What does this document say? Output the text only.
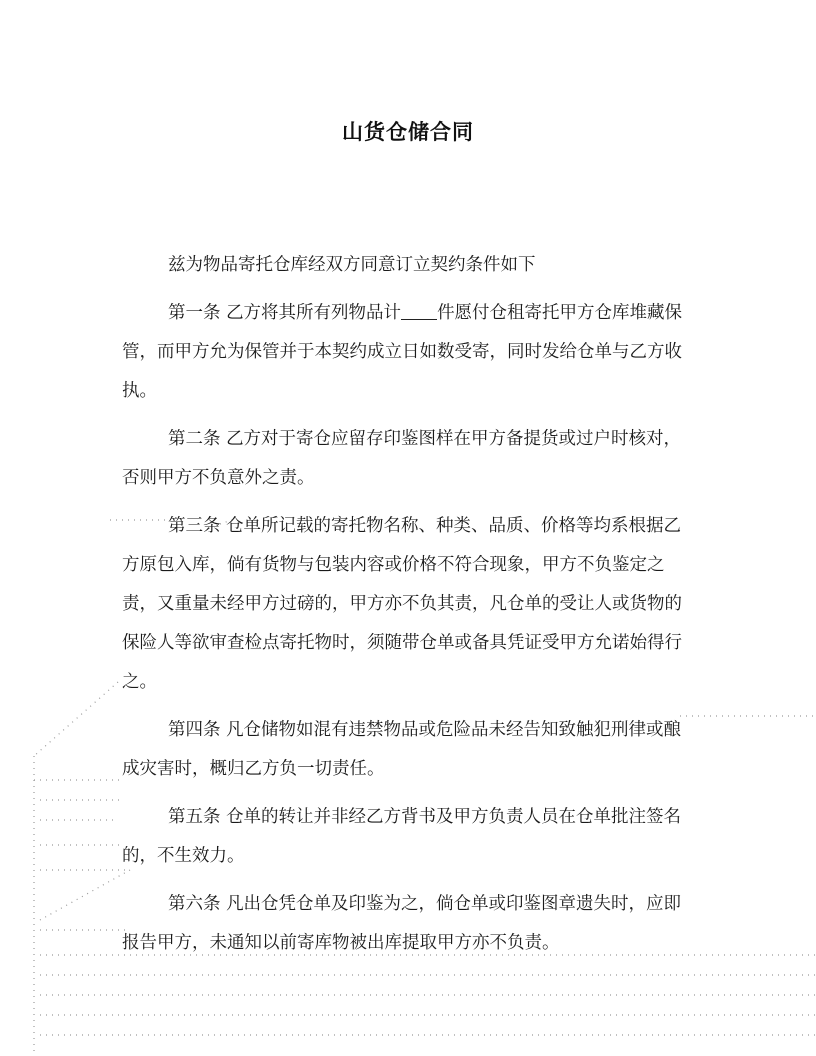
山货仓储合同

兹为物品寄托仓库经双方同意订立契约条件如下

第一条 乙方将其所有列物品计 件愿付仓租寄托甲方仓库堆藏保管，而甲方允为保管并于本契约成立日如数受寄，同时发给仓单与乙方收执。

第二条 乙方对于寄仓应留存印鉴图样在甲方备提货或过户时核对，否则甲方不负意外之责。

第三条 仓单所记载的寄托物名称、种类、品质、价格等均系根据乙方原包入库，倘有货物与包装内容或价格不符合现象，甲方不负鉴定之责，又重量未经甲方过磅的，甲方亦不负其责，凡仓单的受让人或货物的保险人等欲审查检点寄托物时，须随带仓单或备具凭证受甲方允诺始得行之。

第四条 凡仓储物如混有违禁物品或危险品未经告知致触犯刑律或酿成灾害时，概归乙方负一切责任。

第五条 仓单的转让并非经乙方背书及甲方负责人员在仓单批注签名的，不生效力。

第六条 凡出仓凭仓单及印鉴为之，倘仓单或印鉴图章遗失时，应即报告甲方，未通知以前寄库物被出库提取甲方亦不负责。
